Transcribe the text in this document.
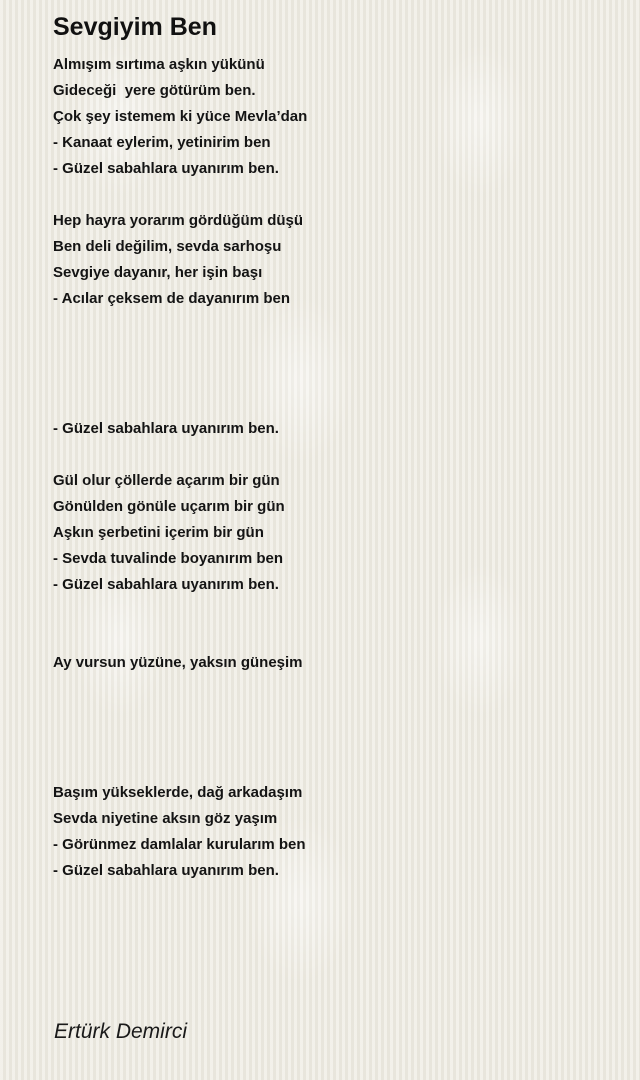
Sevgiyim Ben
Almışım sırtıma aşkın yükünü
Gideceği  yere götürüm ben.
Çok şey istemem ki yüce Mevla’dan
- Kanaat eylerim, yetinirim ben
- Güzel sabahlara uyanırım ben.
Hep hayra yorarım gördüğüm düşü
Ben deli değilim, sevda sarhoşu
Sevgiye dayanır, her işin başı
- Acılar çeksem de dayanırım ben
- Güzel sabahlara uyanırım ben.
Gül olur çöllerde açarım bir gün
Gönülden gönüle uçarım bir gün
Aşkın şerbetini içerim bir gün
- Sevda tuvalinde boyanırım ben
- Güzel sabahlara uyanırım ben.
Ay vursun yüzüne, yaksın güneşim
Başım yükseklerde, dağ arkadaşım
Sevda niyetine aksın göz yaşım
- Görünmez damlalar kurularım ben
- Güzel sabahlara uyanırım ben.
Ertürk Demirci
